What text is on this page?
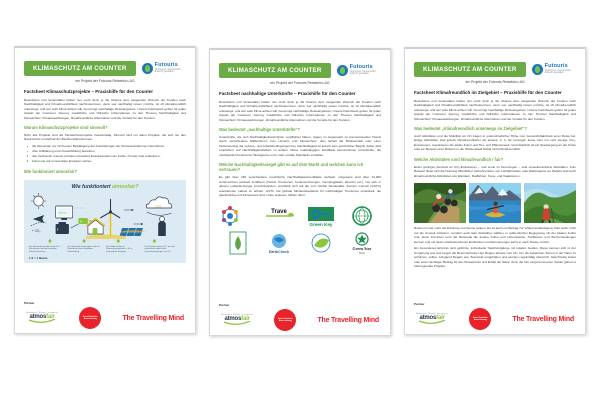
KLIMASCHUTZ AM COUNTER	Futouris
Tourismus. Gemeinsam. Zukunft gestalten.
ein Projekt der Futouris Reisebüro-AG
Factsheet Klimaschutzprojekte – Praxishilfe für den Counter
Reisebüros und Veranstalter haben nun mehr denn je die Chance dem steigenden Wunsch der Kunden nach Nachhaltigkeit und Klimafreundlichkeit nachzukommen, denn wer nachhaltig reisen möchte, ist oft klimafreundlich unterwegs, und wer aufs Klima achten will, bevorzugt nachhaltige Reiseangebote. Unsere Factsheets geben für jeden Aspekt der Customer Journey zusätzliche und hilfreiche Informationen zu den Themen Nachhaltigkeit und Klimaschutz: Klimaauswirkungen, klimafreundliche Alternativen und die Vorteile für den Kunden.
Warum Klimaschutzprojekte sind sinnvoll?
Nicht alle Projekte sind als Klimaschutzprojekte zweckmäßig. Sinnvoll sind vor allem Projekte, die sich um den Naturschutz und Erhalt der Biodiversität kümmern.
die Menschen vor Ort bei der Bewältigung der Auswirkungen der Klimaveränderung unterstützen,
über Aufklärung und Umweltbildung betreiben,
den Verbrauch unserer primären (fossilen) Energiequellen wie Kohle, Öl oder Gas reduzieren,
indem sie auf erneuerbare Energien setzen.
Wie funktioniert atmosfair?
Wie funktioniert atmosfair?
+ CO₂
atmos
€
€
- CO₂
Der Reisende ermittelt seine CO₂-Emissionen mit dem atmosfair Emissionsrechner.
Der Reisende leistet online oder im Reisebüro einen freiwilligen Klimabeitrag.
Die Gelder fließen in Klimaschutzprojekte, z. B. in erneuerbare Energien.
Die Projekte sparen CO₂ ein und verbessern zugleich die Lebensbedingungen vor Ort.
1 € = 1 Baum
Partner
Klimaschutz. Wirksam. Transparent.
atmosfair	Deine Reisebüro Auszeichnung	The Travelling Mind
KLIMASCHUTZ AM COUNTER	Futouris
Tourismus. Gemeinsam. Zukunft gestalten.
ein Projekt der Futouris Reisebüro-AG
Factsheet nachhaltige Unterkünfte – Praxishilfe für den Counter
Reisebüros und Veranstalter haben nun mehr denn je die Chance dem steigenden Wunsch der Kunden nach Nachhaltigkeit und Klimafreundlichkeit nachzukommen, denn wer nachhaltig reisen möchte, ist oft klimafreundlich unterwegs, und wer aufs Klima achten will, bevorzugt nachhaltige Reiseangebote. Unsere Factsheets geben für jeden Aspekt der Customer Journey zusätzliche und hilfreiche Informationen zu den Themen Nachhaltigkeit und Klimaschutz: Klimaauswirkungen, klimafreundliche Alternativen und die Vorteile für den Kunden.
Was bedeutet „nachhaltige Unterkünfte“?
Unterkünfte, die sich Nachhaltigkeitsprinzipien verpflichtet haben, tragen im Gegensatz zu konventionellen Hotels durch verschiedene Maßnahmen zum Umwelt- und Klimaschutz, dem Erhalt der Biodiversität oder einer Verbesserung der Lebens- und Arbeitsbedingungen bei. Nachhaltigkeit ist jedoch kein geschützter Begriff, daher wird empfohlen, auf Nachhaltigkeitslabels zu achten. Diese unabhängigen Zertifikate kennzeichnen Unterkünfte, die nachweislich bestimmte Ökologische und / oder soziale Standards einhalten.
Welche Nachhaltigkeitssiegel gibt es auf dem Markt und welchen kann ich vertrauen?
Es gibt über 250 verschiedene touristische Nachhaltigkeitszertifikate weltweit, insgesamt sind über 13.000 Unternehmen weltweit zertifiziert (Hotels, Pensionen, Ferienwohnungen, Campingplätze, Resorts etc.). Um sich in diesem Labeldschungel zurechtzufinden, empfiehlt sich auf die vom Global Sustainable Tourism Council (GSTC) anerkannten Labels zu achten. GSTC hat globale Mindeststandards für nachhaltigen Tourismus entwickelt, die glaubwürdig und transparent sind. Unter anderem zählen dazu:
Trave
Green Key
EarthCheck
Green Star
Hotel
Partner
Klimaschutz. Wirksam. Transparent.
atmosfair	Deine Reisebüro Auszeichnung	The Travelling Mind
KLIMASCHUTZ AM COUNTER	Futouris
Tourismus. Gemeinsam. Zukunft gestalten.
ein Projekt der Futouris Reisebüro-AG
Factsheet Klimafreundlich im Zielgebiet – Praxishilfe für den Counter
Reisebüros und Veranstalter haben nun mehr denn je die Chance dem steigenden Wunsch der Kunden nach Nachhaltigkeit und Klimafreundlichkeit nachzukommen, denn wer nachhaltig reisen möchte, ist oft klimafreundlich unterwegs, und wer aufs Klima achten will, bevorzugt nachhaltige Reiseangebote. Unsere Factsheets geben für jeden Aspekt der Customer Journey zusätzliche und hilfreiche Informationen zu den Themen Nachhaltigkeit und Klimaschutz: Klimaauswirkungen, klimafreundliche Alternativen und die Vorteile für den Kunden.
Was bedeutet „Klimafreundlich unterwegs im Zielgebiet“?
Auch Aktivitäten und die Mobilität vor Ort tragen in unterschiedlicher Höhe zum Gesamtfußabdruck einer Reise bei. Einige Aktivitäten sind jedoch klimafreundlicher als andere, d. h. sie erzeugen keine oder nur sehr wenige CO₂-Emissionen, respektieren die lokale Kultur und Tier- und Pflanzenwelt. Grundsätzlich ist ein Spaziergang an der Küste oder ein Besuch einer Biofarm in der Wüstenstadt Dubai nicht klimafreundlich.
Welche Aktivitäten sind klimafreundlich / fair?
Einen geringen Ausstoß an CO₂-Emissionen – und somit zu bevorzugen – sind umweltorientierte Aktivitäten. Zum Beispiel bietet sich die Nutzung öffentlicher Verkehrsmittel, von Leihfahrrädern oder Elektroautos an. Beliebt sind auch klimafreundliche Aktivitäten wie Wandern, Radfahren, Kanu- und Kajaktouren.
Reisen ist viel mehr als Erholung und Sonne tanken. Es ist auch ein Beitrag zur Völkerverständigung. Das heißt, nicht nur die Umwelt schützen, sondern auch faire Aktivitäten wählen, in authentischer Begegnung mit der lokalen Kultur und, desto intensiver lernt der Reisende die andere Kultur und Lebensweise, Traditionen und Wertvorstellungen kennen und mit desto erlebnisreicheren Eindrücken und Erinnerungen kehrt er nach Hause zurück.
Ein besonderes Erlebnis sind geführte, individuelle Stadtrundgänge mit lokalen Guides. Diese kennen sich in der Umgebung aus und zeigen die Besonderheiten der Region abseits vom Ort. Um die bekannten Touren in der Natur zu schützen, sollten zwingend Regeln aus Teamclub eingehalten und werden regelmäßig überprüft. Gleichzeitig leistet man einen wichtigen Beitrag für den Klimaschutz und Erhalt der Natur, denn die hier eingenommenen Gelder gehen in überregionale Projekte.
Partner
Klimaschutz. Wirksam. Transparent.
atmosfair	Deine Reisebüro Auszeichnung	The Travelling Mind
